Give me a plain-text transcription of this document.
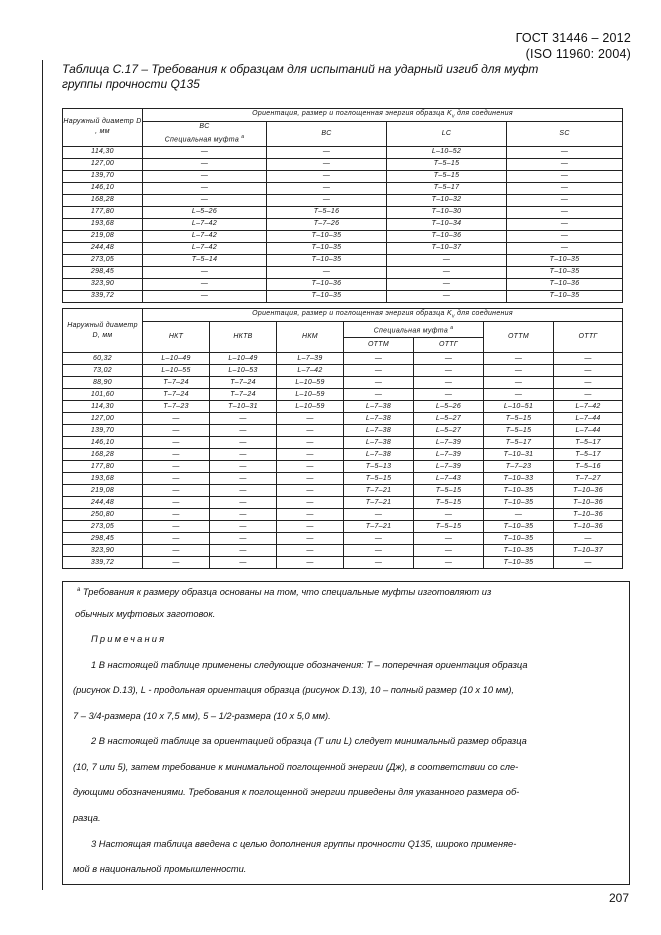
ГОСТ 31446 – 2012
(ISO 11960: 2004)
Таблица С.17 – Требования к образцам для испытаний на ударный изгиб для муфт
группы прочности Q135
Наружный диаметр D , мм	Ориентация, размер и поглощенная энергия образца $K_v$ для соединения			

	BC
Специальная муфта $^а$	BC	LC	SC
114,30	—	—	L–10–52	—
127,00	—	—	T–5–15	—
139,70	—	—	T–5–15	—
146,10	—	—	T–5–17	—
168,28	—	—	T–10–32	—
177,80	L–5–26	T–5–16	T–10–30	—
193,68	L–7–42	T–7–26	T–10–34	—
219,08	L–7–42	T–10–35	T–10–36	—
244,48	L–7–42	T–10–35	T–10–37	—
273,05	T–5–14	T–10–35	—	T–10–35
298,45	—	—	—	T–10–35
323,90	—	T–10–36	—	T–10–36
339,72	—	T–10–35	—	T–10–35
Наружный диаметр D, мм	Ориентация, размер и поглощенная энергия образца $K_v$ для соединения						
	НКТ	НКТВ	НКМ	Специальная муфта $^а$		ОТТМ	ОТТГ
				ОТТМ	ОТТГ		
60,32	L–10–49	L–10–49	L–7–39	—	—	—	—
73,02	L–10–55	L–10–53	L–7–42	—	—	—	—
88,90	T–7–24	T–7–24	L–10–59	—	—	—	—
101,60	T–7–24	T–7–24	L–10–59	—	—	—	—
114,30	T–7–23	T–10–31	L–10–59	L–7–38	L–5–26	L–10–51	L–7–42
127,00	—	—	—	L–7–38	L–5–27	T–5–15	L–7–44
139,70	—	—	—	L–7–38	L–5–27	T–5–15	L–7–44
146,10	—	—	—	L–7–38	L–7–39	T–5–17	T–5–17
168,28	—	—	—	L–7–38	L–7–39	T–10–31	T–5–17
177,80	—	—	—	T–5–13	L–7–39	T–7–23	T–5–16
193,68	—	—	—	T–5–15	L–7–43	T–10–33	T–7–27
219,08	—	—	—	T–7–21	T–5–15	T–10–35	T–10–36
244,48	—	—	—	T–7–21	T–5–15	T–10–35	T–10–36
250,80	—	—	—	—	—	—	T–10–36
273,05	—	—	—	T–7–21	T–5–15	T–10–35	T–10–36
298,45	—	—	—	—	—	T–10–35	—
323,90	—	—	—	—	—	T–10–35	T–10–37
339,72	—	—	—	—	—	T–10–35	—

$^а$ Требования к размеру образца основаны на том, что специальные муфты изготовляют из

обычных муфтовых заготовок.

Примечания

1 В настоящей таблице применены следующие обозначения: T – поперечная ориентация образца

(рисунок D.13), L - продольная ориентация образца (рисунок D.13), 10 – полный размер (10 х 10 мм),

7 – 3/4-размера (10 х 7,5 мм), 5 – 1/2-размера (10 х 5,0 мм).

2 В настоящей таблице за ориентацией образца (T или L) следует минимальный размер образца

(10, 7 или 5), затем требование к минимальной поглощенной энергии (Дж), в соответствии со сле-

дующими обозначениями. Требования к поглощенной энергии приведены для указанного размера об-

разца.

3 Настоящая таблица введена с целью дополнения группы прочности Q135, широко применяе-

мой в национальной промышленности.

207
